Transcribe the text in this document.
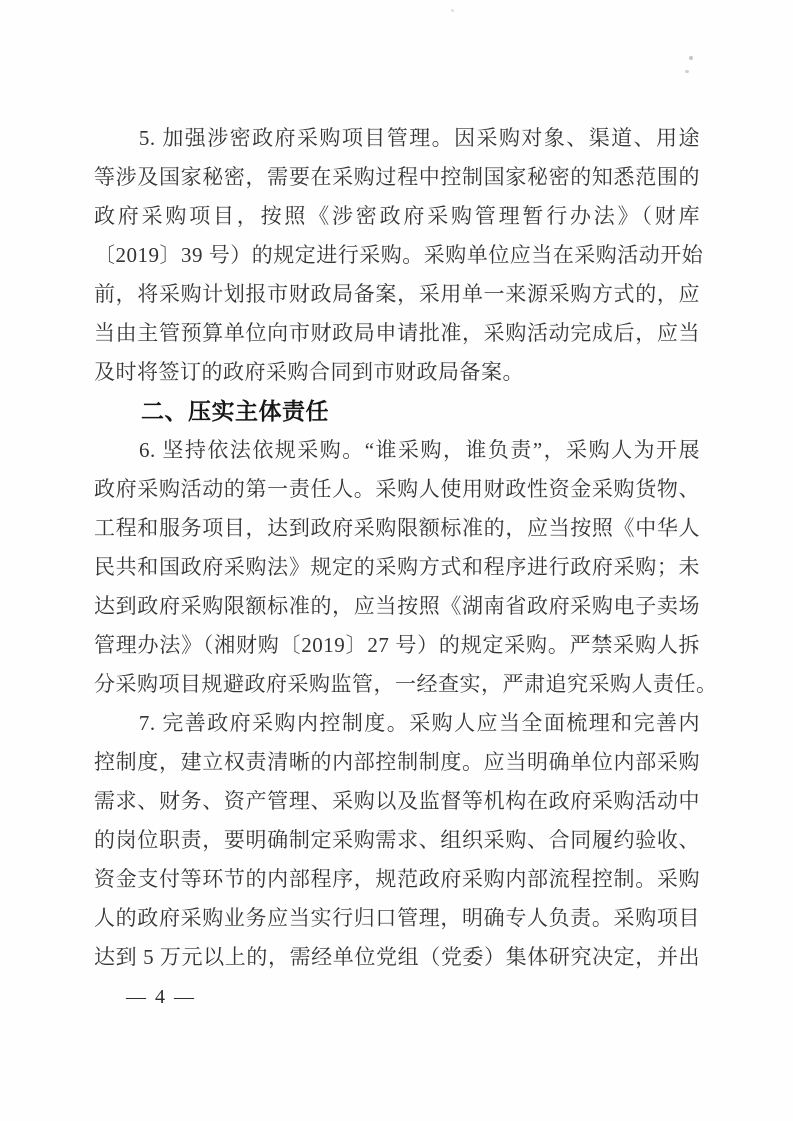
　　5. 加强涉密政府采购项目管理。因采购对象、渠道、用途
等涉及国家秘密，需要在采购过程中控制国家秘密的知悉范围的
政府采购项目，按照《涉密政府采购管理暂行办法》（财库
〔2019〕39 号）的规定进行采购。采购单位应当在采购活动开始
前，将采购计划报市财政局备案，采用单一来源采购方式的，应
当由主管预算单位向市财政局申请批准，采购活动完成后，应当
及时将签订的政府采购合同到市财政局备案。
　　二、压实主体责任
　　6. 坚持依法依规采购。“谁采购，谁负责”，采购人为开展
政府采购活动的第一责任人。采购人使用财政性资金采购货物、
工程和服务项目，达到政府采购限额标准的，应当按照《中华人
民共和国政府采购法》规定的采购方式和程序进行政府采购；未
达到政府采购限额标准的，应当按照《湖南省政府采购电子卖场
管理办法》（湘财购〔2019〕27 号）的规定采购。严禁采购人拆
分采购项目规避政府采购监管，一经查实，严肃追究采购人责任。
　　7. 完善政府采购内控制度。采购人应当全面梳理和完善内
控制度，建立权责清晰的内部控制制度。应当明确单位内部采购
需求、财务、资产管理、采购以及监督等机构在政府采购活动中
的岗位职责，要明确制定采购需求、组织采购、合同履约验收、
资金支付等环节的内部程序，规范政府采购内部流程控制。采购
人的政府采购业务应当实行归口管理，明确专人负责。采购项目
达到 5 万元以上的，需经单位党组（党委）集体研究决定，并出
— 4 —
